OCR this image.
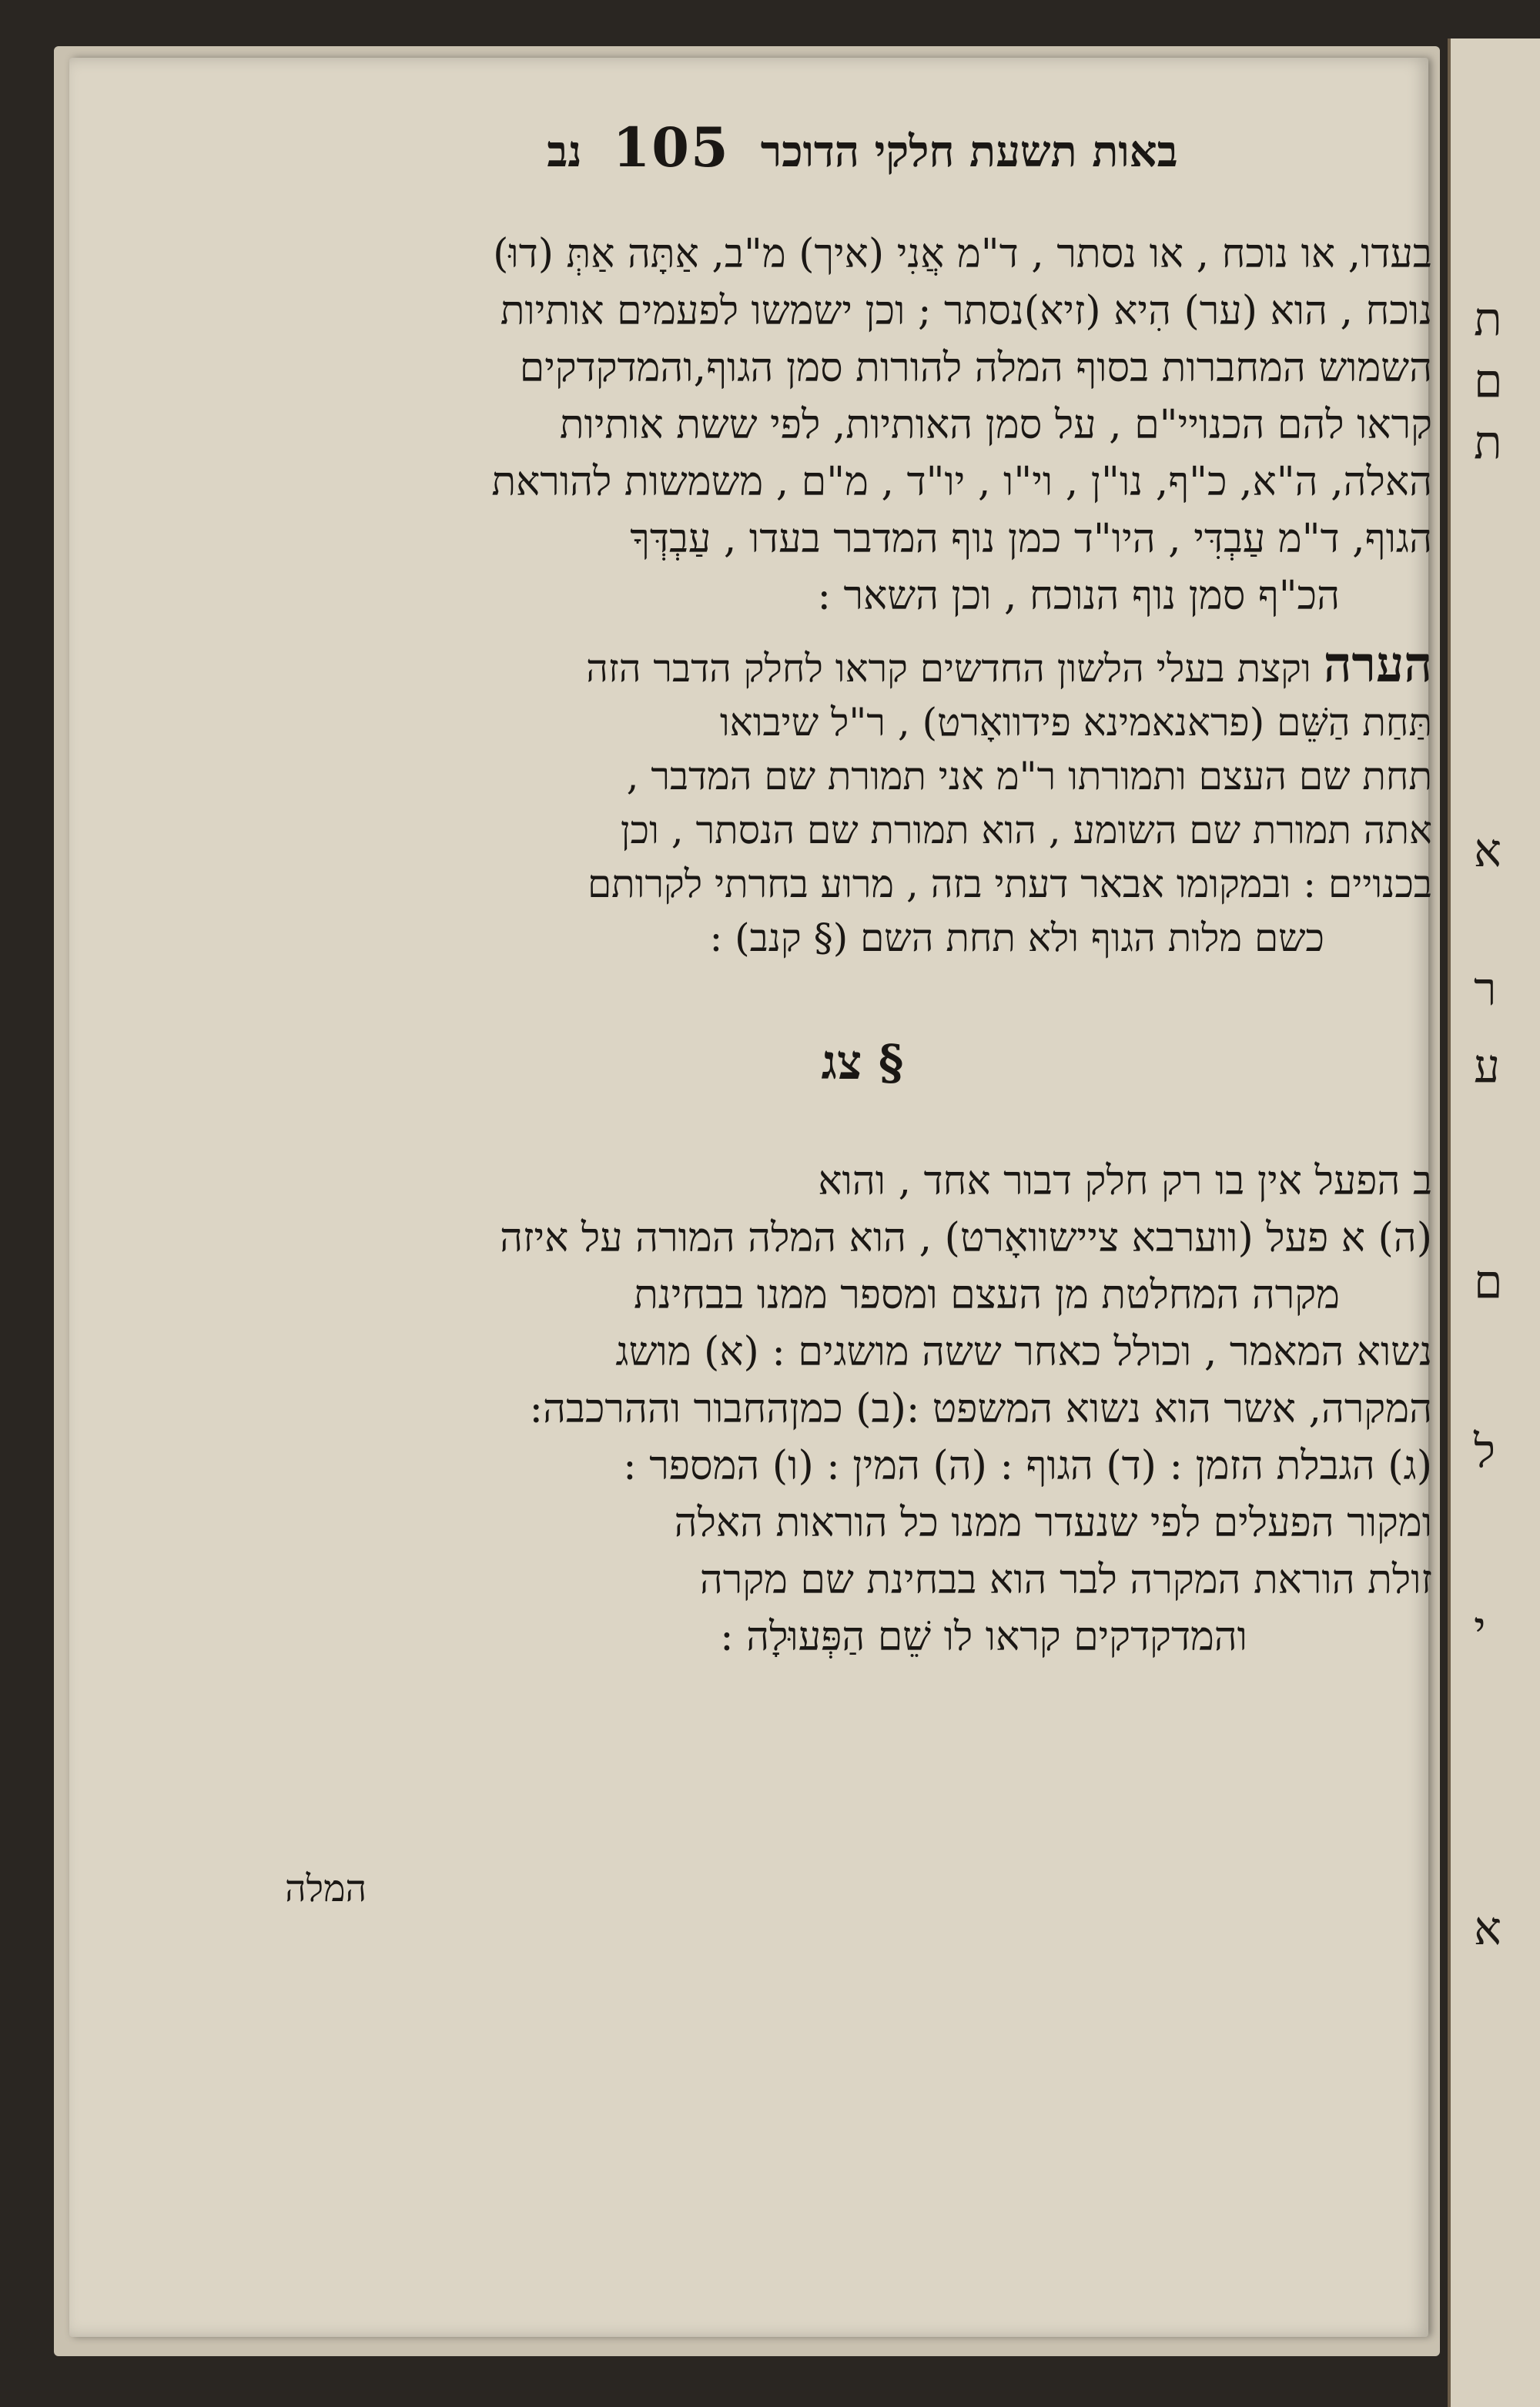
ת
ם
ת
א
ר
ע
ם
ל
י
א
באות תשעת חלקי הדוכר
105
נב

בעדו, או נוכח , או נסתר , ד"מ אֲנִי (איך) מ"ב, אַתָּה אַתְּ (דוּ)

נוכח , הוא (ער) הִיא (זיא)נסתר ; וכן ישמשו לפעמים אותיות

השמוש המחברות בסוף המלה להורות סמן הגוף,והמדקדקים

קראו להם הכנויי"ם , על סמן האותיות, לפי ששת אותיות

האלה, ה"א, כ"ף, נו"ן , וי"ו , יו"ד , מ"ם , משמשות להוראת

הגוף, ד"מ עַבְדִּי , היו"ד כמן נוף המדבר בעדו , עַבְדְּךָ

הכ"ף סמן נוף הנוכח , וכן השאר :

הערה וקצת בעלי הלשון החדשים קראו לחלק הדבר הזה

תַּחַת הַשֵּׁם (פראנאמינא פידוואָרט) , ר"ל שיבואו

תחת שם העצם ותמורתו ר"מ אני תמורת שם המדבר ,

אתה תמורת שם השומע , הוא תמורת שם הנסתר , וכן

בכנויים : ובמקומו אבאר דעתי בזה , מרוע בחרתי לקרותם

כשם מלות הגוף ולא תחת השם (§ קנב) :

§ צג

ב הפעל אין בו רק חלק דבור אחד , והוא

(ה) א פעל (ווערבא ציישוואָרט) , הוא המלה המורה על איזה

מקרה המחלטת מן העצם ומספר ממנו בבחינת

נשוא המאמר , וכולל כאחר ששה מושגים : (א) מושג

המקרה, אשר הוא נשוא המשפט :(ב) כמןהחבור וההרכבה:

(ג) הגבלת הזמן : (ד) הגוף : (ה) המין : (ו) המספר :

ומקור הפעלים לפי שנעדר ממנו כל הוראות האלה

זולת הוראת המקרה לבר הוא בבחינת שם מקרה

והמדקדקים קראו לו שֵׁם הַפְּעוּלָה :

המלה
